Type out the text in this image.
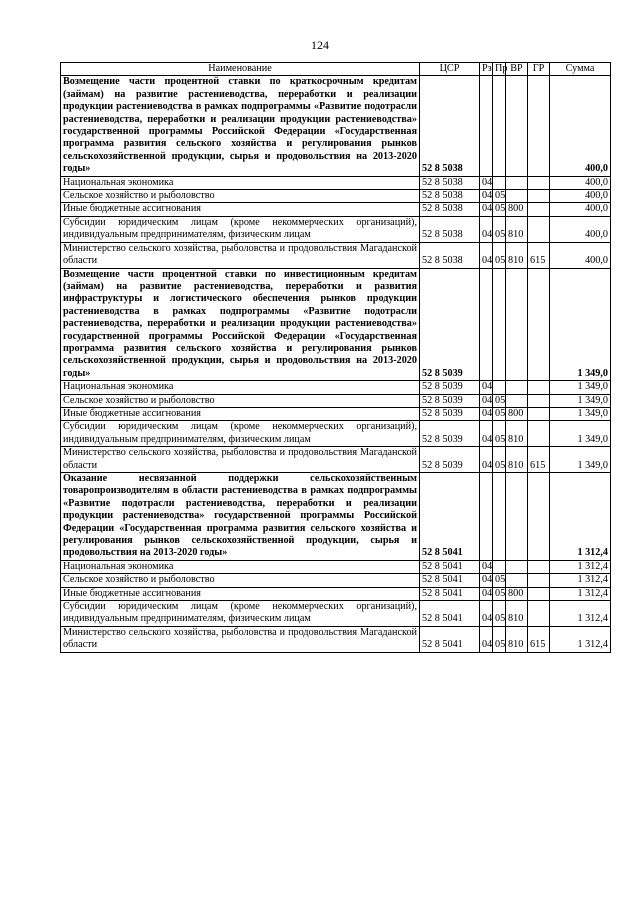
124
Наименование	ЦСР	Рз	Пр	ВР	ГР	Сумма
Возмещение части процентной ставки по краткосрочным кредитам (займам) на развитие растениеводства, переработки и реализации продукции растениеводства в рамках подпрограммы «Развитие подотрасли растениеводства, переработки и реализации продукции растениеводства» государственной программы Российской Федерации «Государственная программа развития сельского хозяйства и регулирования рынков сельскохозяйственной продукции, сырья и продовольствия на 2013-2020 годы»	52 8 5038					400,0
Национальная экономика	52 8 5038	04				400,0
Сельское хозяйство и рыболовство	52 8 5038	04	05			400,0
Иные бюджетные ассигнования	52 8 5038	04	05	800		400,0
Субсидии юридическим лицам (кроме некоммерческих организаций), индивидуальным предпринимателям, физическим лицам	52 8 5038	04	05	810		400,0
Министерство сельского хозяйства, рыболовства и продовольствия Магаданской области	52 8 5038	04	05	810	615	400,0
Возмещение части процентной ставки по инвестиционным кредитам (займам) на развитие растениеводства, переработки и развития инфраструктуры и логистического обеспечения рынков продукции растениеводства в рамках подпрограммы «Развитие подотрасли растениеводства, переработки и реализации продукции растениеводства» государственной программы Российской Федерации «Государственная программа развития сельского хозяйства и регулирования рынков сельскохозяйственной продукции, сырья и продовольствия на 2013-2020 годы»	52 8 5039					1 349,0
Национальная экономика	52 8 5039	04				1 349,0
Сельское хозяйство и рыболовство	52 8 5039	04	05			1 349,0
Иные бюджетные ассигнования	52 8 5039	04	05	800		1 349,0
Субсидии юридическим лицам (кроме некоммерческих организаций), индивидуальным предпринимателям, физическим лицам	52 8 5039	04	05	810		1 349,0
Министерство сельского хозяйства, рыболовства и продовольствия Магаданской области	52 8 5039	04	05	810	615	1 349,0
Оказание несвязанной поддержки сельскохозяйственным товаропроизводителям в области растениеводства в рамках подпрограммы «Развитие подотрасли растениеводства, переработки и реализации продукции растениеводства» государственной программы Российской Федерации «Государственная программа развития сельского хозяйства и регулирования рынков сельскохозяйственной продукции, сырья и продовольствия на 2013-2020 годы»	52 8 5041					1 312,4
Национальная экономика	52 8 5041	04				1 312,4
Сельское хозяйство и рыболовство	52 8 5041	04	05			1 312,4
Иные бюджетные ассигнования	52 8 5041	04	05	800		1 312,4
Субсидии юридическим лицам (кроме некоммерческих организаций), индивидуальным предпринимателям, физическим лицам	52 8 5041	04	05	810		1 312,4
Министерство сельского хозяйства, рыболовства и продовольствия Магаданской области	52 8 5041	04	05	810	615	1 312,4
